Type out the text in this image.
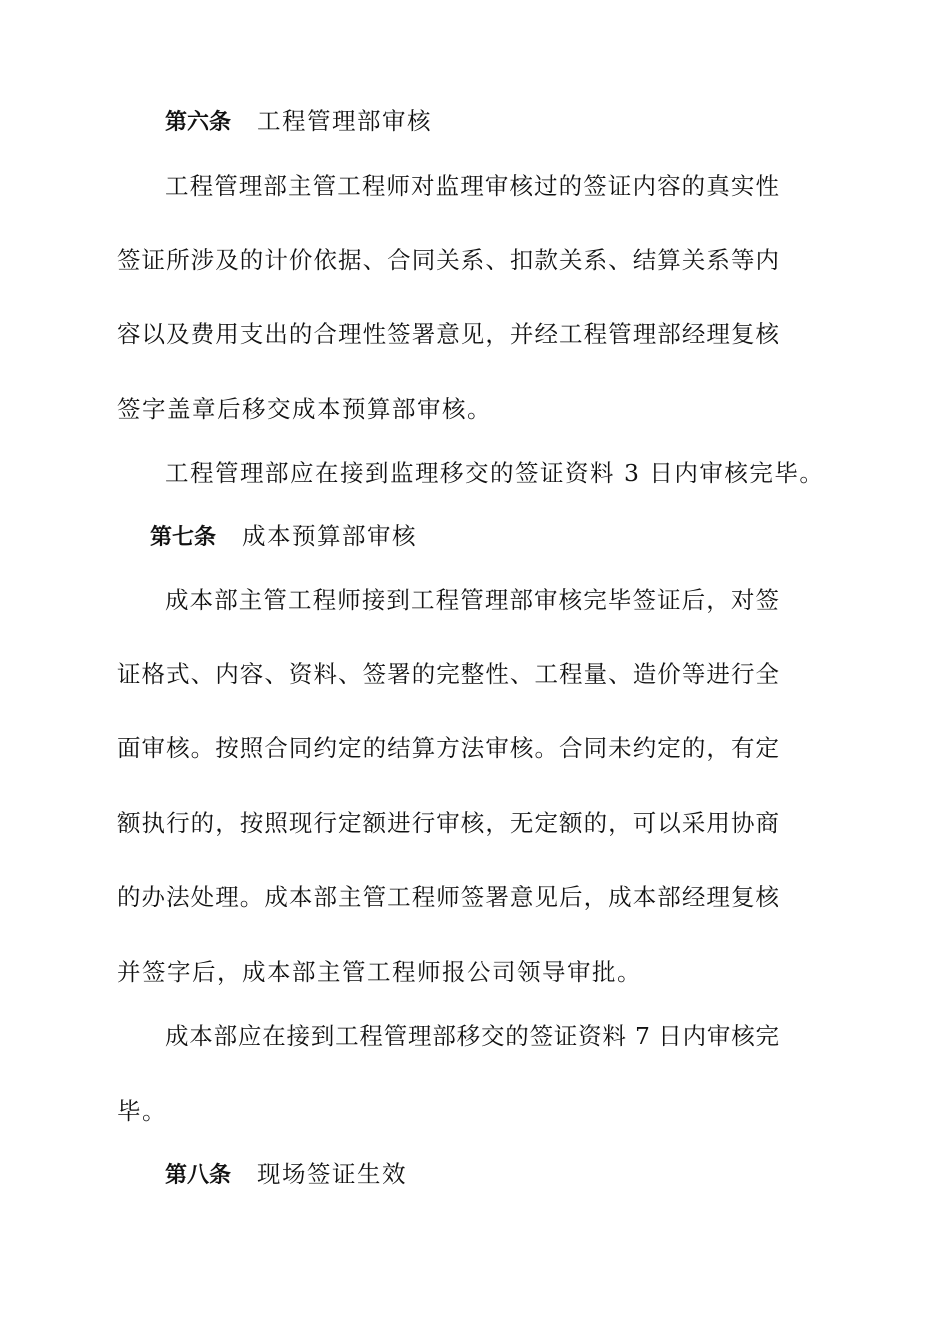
第六条 工程管理部审核
工程管理部主管工程师对监理审核过的签证内容的真实性
签证所涉及的计价依据、合同关系、扣款关系、结算关系等内
容以及费用支出的合理性签署意见，并经工程管理部经理复核
签字盖章后移交成本预算部审核。
工程管理部应在接到监理移交的签证资料 3 日内审核完毕。
第七条 成本预算部审核
成本部主管工程师接到工程管理部审核完毕签证后，对签
证格式、内容、资料、签署的完整性、工程量、造价等进行全
面审核。按照合同约定的结算方法审核。合同未约定的，有定
额执行的，按照现行定额进行审核，无定额的，可以采用协商
的办法处理。成本部主管工程师签署意见后，成本部经理复核
并签字后，成本部主管工程师报公司领导审批。
成本部应在接到工程管理部移交的签证资料 7 日内审核完
毕。
第八条 现场签证生效
